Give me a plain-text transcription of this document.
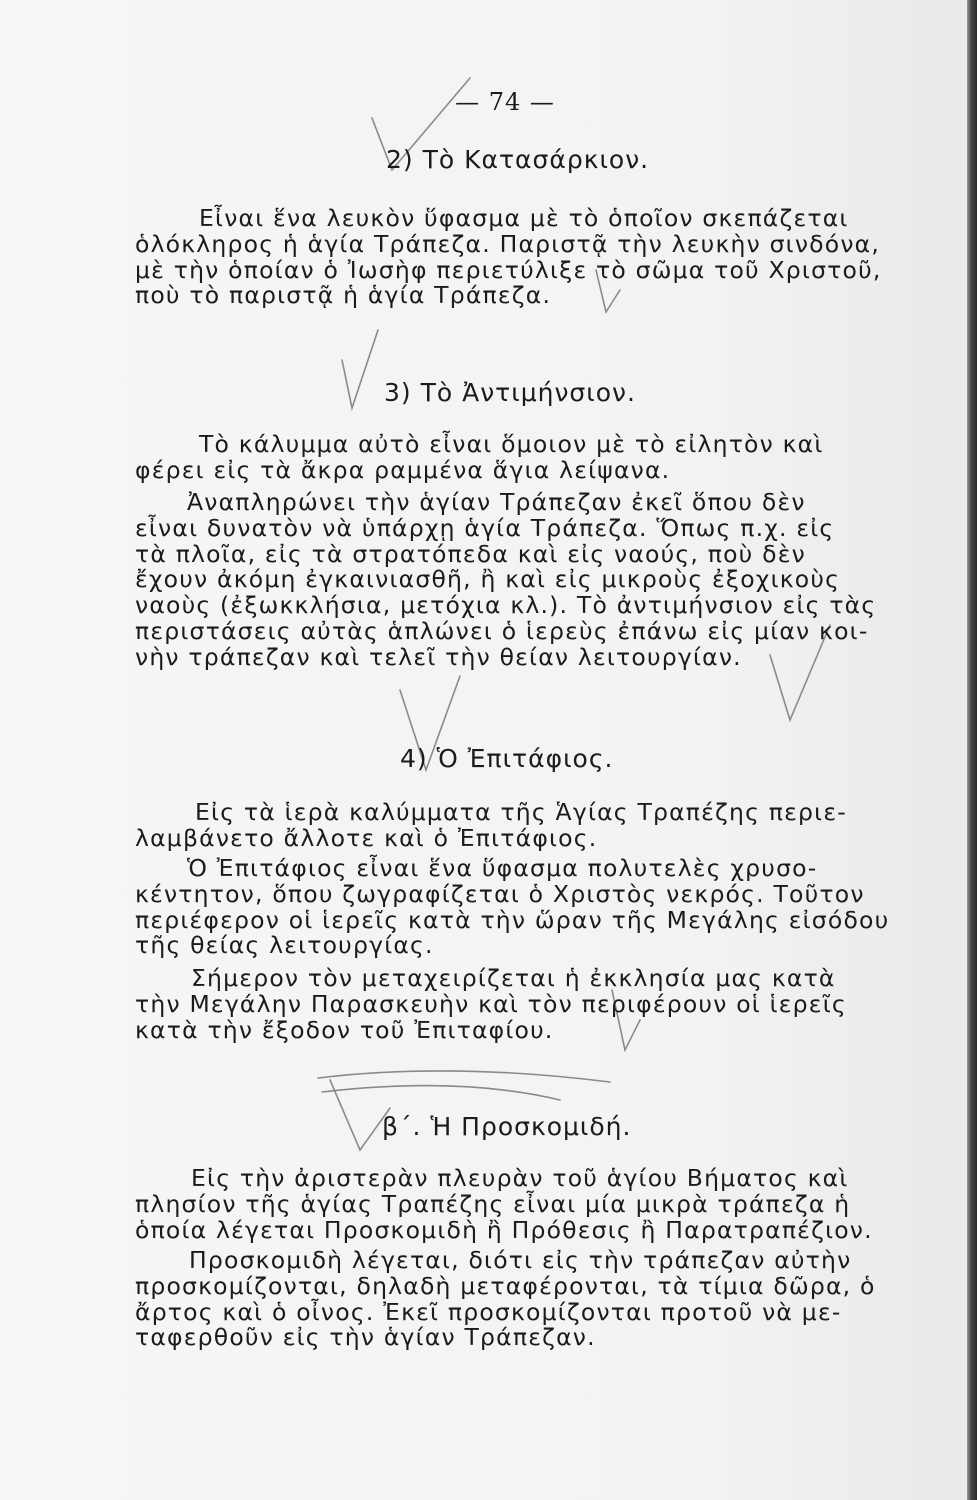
— 74 —
2) Τὸ Κατασάρκιον.

Εἶναι ἕνα λευκὸν ὕφασμα μὲ τὸ ὁποῖον σκεπάζεται
ὁλόκληρος ἡ ἁγία Τράπεζα. Παριστᾷ τὴν λευκὴν σινδόνα,
μὲ τὴν ὁποίαν ὁ Ἰωσὴφ περιετύλιξε τὸ σῶμα τοῦ Χριστοῦ,
ποὺ τὸ παριστᾷ ἡ ἁγία Τράπεζα.

3) Τὸ Ἀντιμήνσιον.

Τὸ κάλυμμα αὐτὸ εἶναι ὅμοιον μὲ τὸ εἰλητὸν καὶ
φέρει εἰς τὰ ἄκρα ραμμένα ἅγια λείψανα.

Ἀναπληρώνει τὴν ἁγίαν Τράπεζαν ἐκεῖ ὅπου δὲν
εἶναι δυνατὸν νὰ ὑπάρχῃ ἁγία Τράπεζα. Ὅπως π.χ. εἰς
τὰ πλοῖα, εἰς τὰ στρατόπεδα καὶ εἰς ναούς, ποὺ δὲν
ἔχουν ἀκόμη ἐγκαινιασθῆ, ἢ καὶ εἰς μικροὺς ἐξοχικοὺς
ναοὺς (ἐξωκκλήσια, μετόχια κλ.). Τὸ ἀντιμήνσιον εἰς τὰς
περιστάσεις αὐτὰς ἁπλώνει ὁ ἱερεὺς ἐπάνω εἰς μίαν κοι-
νὴν τράπεζαν καὶ τελεῖ τὴν θείαν λειτουργίαν.

4) Ὁ Ἐπιτάφιος.

Εἰς τὰ ἱερὰ καλύμματα τῆς Ἁγίας Τραπέζης περιε-
λαμβάνετο ἄλλοτε καὶ ὁ Ἐπιτάφιος.

Ὁ Ἐπιτάφιος εἶναι ἕνα ὕφασμα πολυτελὲς χρυσο-
κέντητον, ὅπου ζωγραφίζεται ὁ Χριστὸς νεκρός. Τοῦτον
περιέφερον οἱ ἱερεῖς κατὰ τὴν ὥραν τῆς Μεγάλης εἰσόδου
τῆς θείας λειτουργίας.

Σήμερον τὸν μεταχειρίζεται ἡ ἐκκλησία μας κατὰ
τὴν Μεγάλην Παρασκευὴν καὶ τὸν περιφέρουν οἱ ἱερεῖς
κατὰ τὴν ἔξοδον τοῦ Ἐπιταφίου.

β΄. Ἡ Προσκομιδή.

Εἰς τὴν ἀριστερὰν πλευρὰν τοῦ ἁγίου Βήματος καὶ
πλησίον τῆς ἁγίας Τραπέζης εἶναι μία μικρὰ τράπεζα ἡ
ὁποία λέγεται Προσκομιδὴ ἢ Πρόθεσις ἢ Παρατραπέζιον.

Προσκομιδὴ λέγεται, διότι εἰς τὴν τράπεζαν αὐτὴν
προσκομίζονται, δηλαδὴ μεταφέρονται, τὰ τίμια δῶρα, ὁ
ἄρτος καὶ ὁ οἶνος. Ἐκεῖ προσκομίζονται προτοῦ νὰ με-
ταφερθοῦν εἰς τὴν ἁγίαν Τράπεζαν.
